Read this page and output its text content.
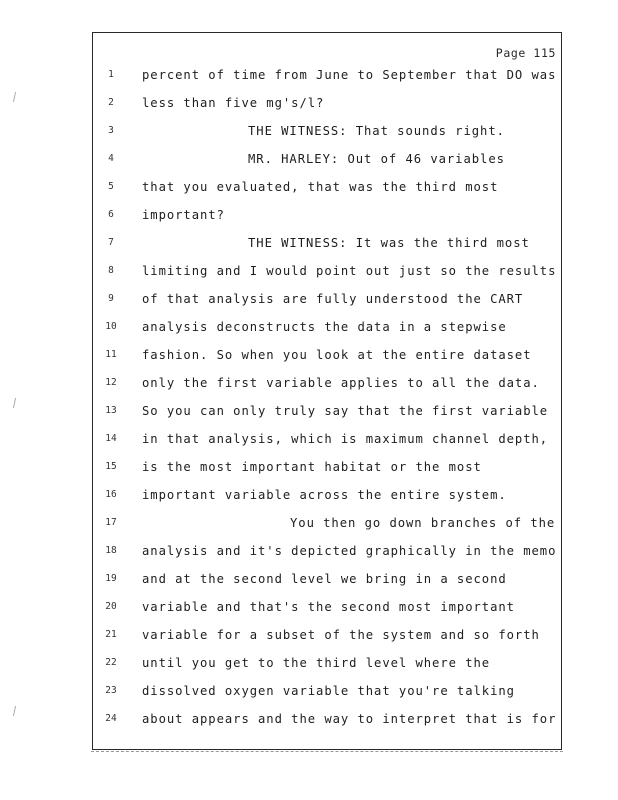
Page 115
1	percent of time from June to September that DO was
2	less than five mg's/l?
3	THE WITNESS: That sounds right.
4	MR. HARLEY: Out of 46 variables
5	that you evaluated, that was the third most
6	important?
7	THE WITNESS: It was the third most
8	limiting and I would point out just so the results
9	of that analysis are fully understood the CART
10	analysis deconstructs the data in a stepwise
11	fashion. So when you look at the entire dataset
12	only the first variable applies to all the data.
13	So you can only truly say that the first variable
14	in that analysis, which is maximum channel depth,
15	is the most important habitat or the most
16	important variable across the entire system.
17	You then go down branches of the
18	analysis and it's depicted graphically in the memo
19	and at the second level we bring in a second
20	variable and that's the second most important
21	variable for a subset of the system and so forth
22	until you get to the third level where the
23	dissolved oxygen variable that you're talking
24	about appears and the way to interpret that is for
